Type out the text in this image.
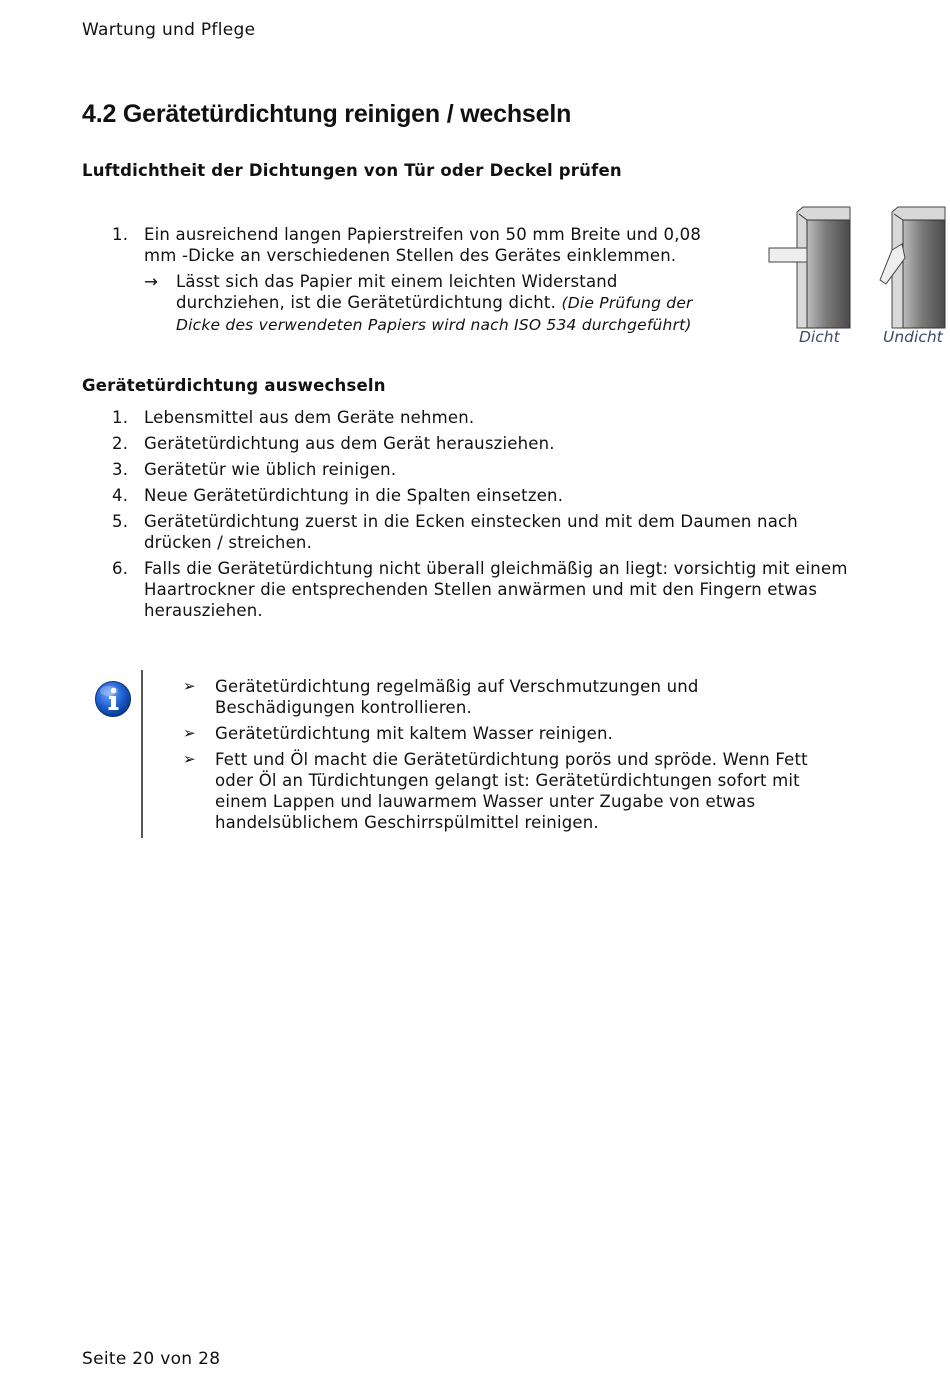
Wartung und Pflege
4.2 Gerätetürdichtung reinigen / wechseln
Luftdichtheit der Dichtungen von Tür oder Deckel prüfen
1. Ein ausreichend langen Papierstreifen von 50 mm Breite und 0,08 mm -Dicke an verschiedenen Stellen des Gerätes einklemmen.
→ Lässt sich das Papier mit einem leichten Widerstand durchziehen, ist die Gerätetürdichtung dicht. (Die Prüfung der Dicke des verwendeten Papiers wird nach ISO 534 durchgeführt)
Dicht	Undicht
Gerätetürdichtung auswechseln
1. Lebensmittel aus dem Geräte nehmen.
2. Gerätetürdichtung aus dem Gerät herausziehen.
3. Gerätetür wie üblich reinigen.
4. Neue Gerätetürdichtung in die Spalten einsetzen.
5. Gerätetürdichtung zuerst in die Ecken einstecken und mit dem Daumen nach drücken / streichen.
6. Falls die Gerätetürdichtung nicht überall gleichmäßig an liegt: vorsichtig mit einem Haartrockner die entsprechenden Stellen anwärmen und mit den Fingern etwas herausziehen.
➢ Gerätetürdichtung regelmäßig auf Verschmutzungen und Beschädigungen kontrollieren.
➢ Gerätetürdichtung mit kaltem Wasser reinigen.
➢ Fett und Öl macht die Gerätetürdichtung porös und spröde. Wenn Fett oder Öl an Türdichtungen gelangt ist: Gerätetürdichtungen sofort mit einem Lappen und lauwarmem Wasser unter Zugabe von etwas handelsüblichem Geschirrspülmittel reinigen.
Seite 20 von 28
